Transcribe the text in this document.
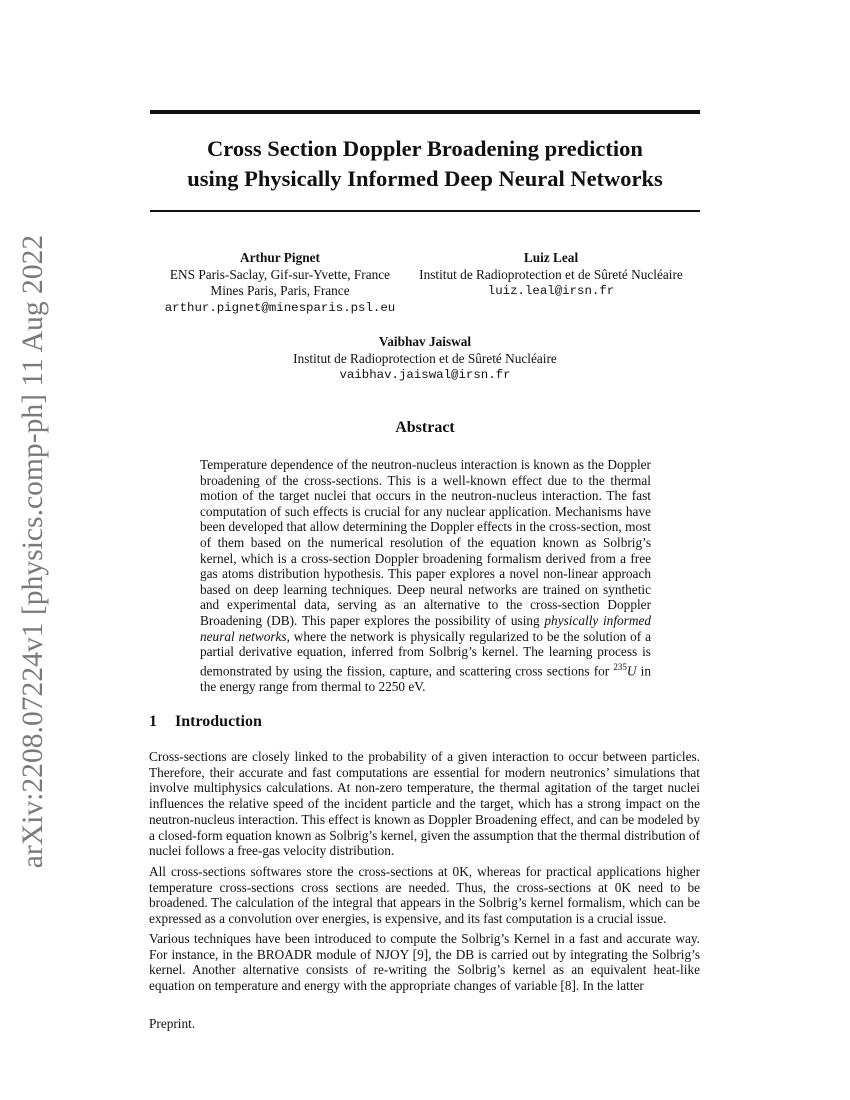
arXiv:2208.07224v1 [physics.comp-ph] 11 Aug 2022
Cross Section Doppler Broadening prediction
using Physically Informed Deep Neural Networks
Arthur Pignet
ENS Paris-Saclay, Gif-sur-Yvette, France
Mines Paris, Paris, France
arthur.pignet@minesparis.psl.eu
Luiz Leal
Institut de Radioprotection et de Sûreté Nucléaire
luiz.leal@irsn.fr
Vaibhav Jaiswal
Institut de Radioprotection et de Sûreté Nucléaire
vaibhav.jaiswal@irsn.fr
Abstract

Temperature dependence of the neutron-nucleus interaction is known as the Doppler broadening of the cross-sections. This is a well-known effect due to the thermal motion of the target nuclei that occurs in the neutron-nucleus interaction. The fast computation of such effects is crucial for any nuclear application. Mechanisms have been developed that allow determining the Doppler effects in the cross-section, most of them based on the numerical resolution of the equation known as Solbrig’s kernel, which is a cross-section Doppler broadening formalism derived from a free gas atoms distribution hypothesis. This paper explores a novel non-linear approach based on deep learning techniques. Deep neural networks are trained on synthetic and experimental data, serving as an alternative to the cross-section Doppler Broadening (DB). This paper explores the possibility of using physically informed neural networks, where the network is physically regularized to be the solution of a partial derivative equation, inferred from Solbrig’s kernel. The learning process is demonstrated by using the fission, capture, and scattering cross sections for $^{235}$U in the energy range from thermal to 2250 eV.

1 Introduction

Cross-sections are closely linked to the probability of a given interaction to occur between particles. Therefore, their accurate and fast computations are essential for modern neutronics’ simulations that involve multiphysics calculations. At non-zero temperature, the thermal agitation of the target nuclei influences the relative speed of the incident particle and the target, which has a strong impact on the neutron-nucleus interaction. This effect is known as Doppler Broadening effect, and can be modeled by a closed-form equation known as Solbrig’s kernel, given the assumption that the thermal distribution of nuclei follows a free-gas velocity distribution.

All cross-sections softwares store the cross-sections at 0K, whereas for practical applications higher temperature cross-sections cross sections are needed. Thus, the cross-sections at 0K need to be broadened. The calculation of the integral that appears in the Solbrig’s kernel formalism, which can be expressed as a convolution over energies, is expensive, and its fast computation is a crucial issue.

Various techniques have been introduced to compute the Solbrig’s Kernel in a fast and accurate way. For instance, in the BROADR module of NJOY [9], the DB is carried out by integrating the Solbrig’s kernel. Another alternative consists of re-writing the Solbrig’s kernel as an equivalent heat-like equation on temperature and energy with the appropriate changes of variable [8]. In the latter

Preprint.
